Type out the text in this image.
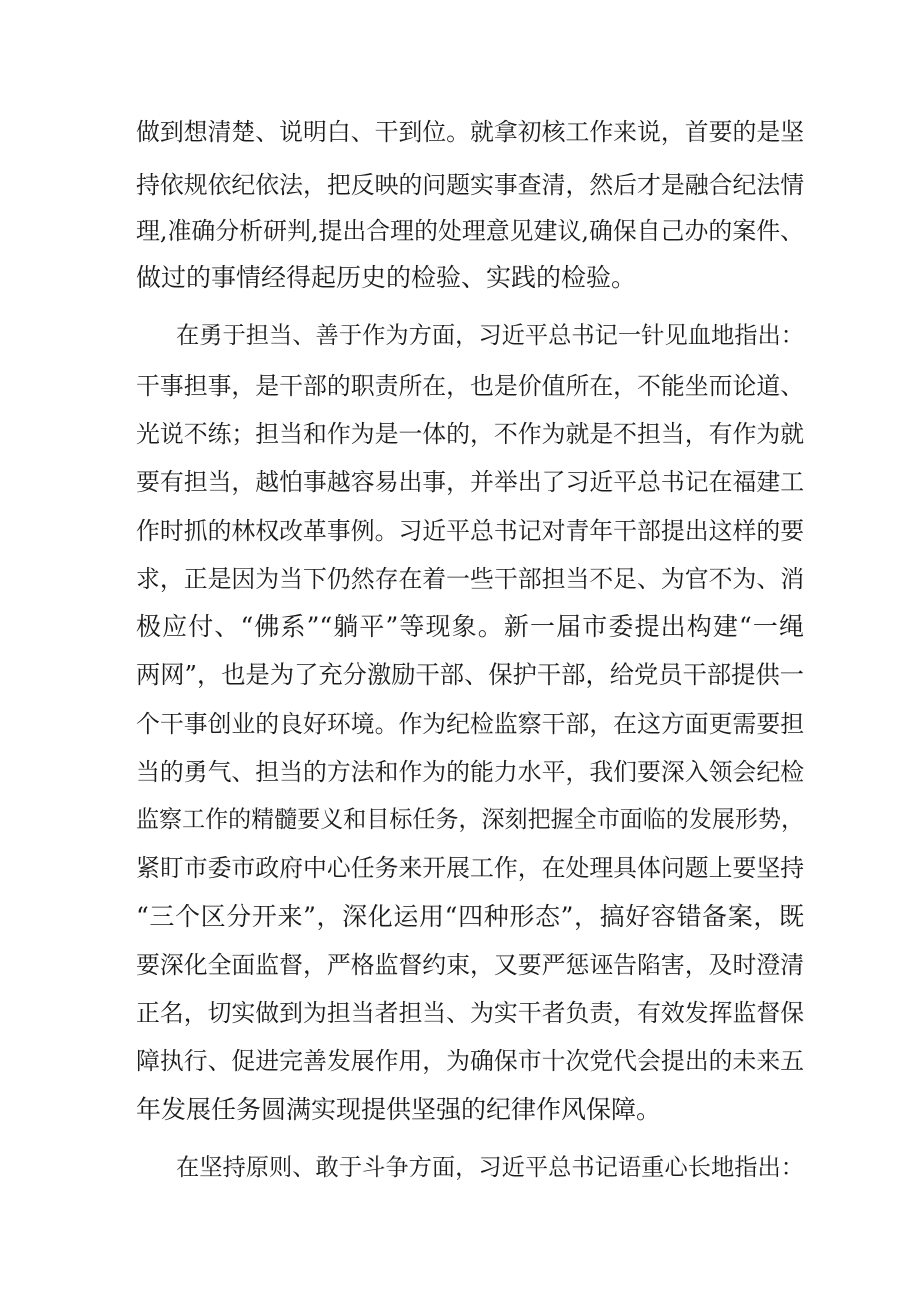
做到想清楚、说明白、干到位。就拿初核工作来说，首要的是坚
持依规依纪依法，把反映的问题实事查清，然后才是融合纪法情
理,准确分析研判,提出合理的处理意见建议,确保自己办的案件、
做过的事情经得起历史的检验、实践的检验。
在勇于担当、善于作为方面，习近平总书记一针见血地指出：
干事担事，是干部的职责所在，也是价值所在，不能坐而论道、
光说不练；担当和作为是一体的，不作为就是不担当，有作为就
要有担当，越怕事越容易出事，并举出了习近平总书记在福建工
作时抓的林权改革事例。习近平总书记对青年干部提出这样的要
求，正是因为当下仍然存在着一些干部担当不足、为官不为、消
极应付、“佛系”“躺平”等现象。新一届市委提出构建“一绳
两网”，也是为了充分激励干部、保护干部，给党员干部提供一
个干事创业的良好环境。作为纪检监察干部，在这方面更需要担
当的勇气、担当的方法和作为的能力水平，我们要深入领会纪检
监察工作的精髓要义和目标任务，深刻把握全市面临的发展形势，
紧盯市委市政府中心任务来开展工作，在处理具体问题上要坚持
“三个区分开来”，深化运用“四种形态”，搞好容错备案，既
要深化全面监督，严格监督约束，又要严惩诬告陷害，及时澄清
正名，切实做到为担当者担当、为实干者负责，有效发挥监督保
障执行、促进完善发展作用，为确保市十次党代会提出的未来五
年发展任务圆满实现提供坚强的纪律作风保障。
在坚持原则、敢于斗争方面，习近平总书记语重心长地指出：
